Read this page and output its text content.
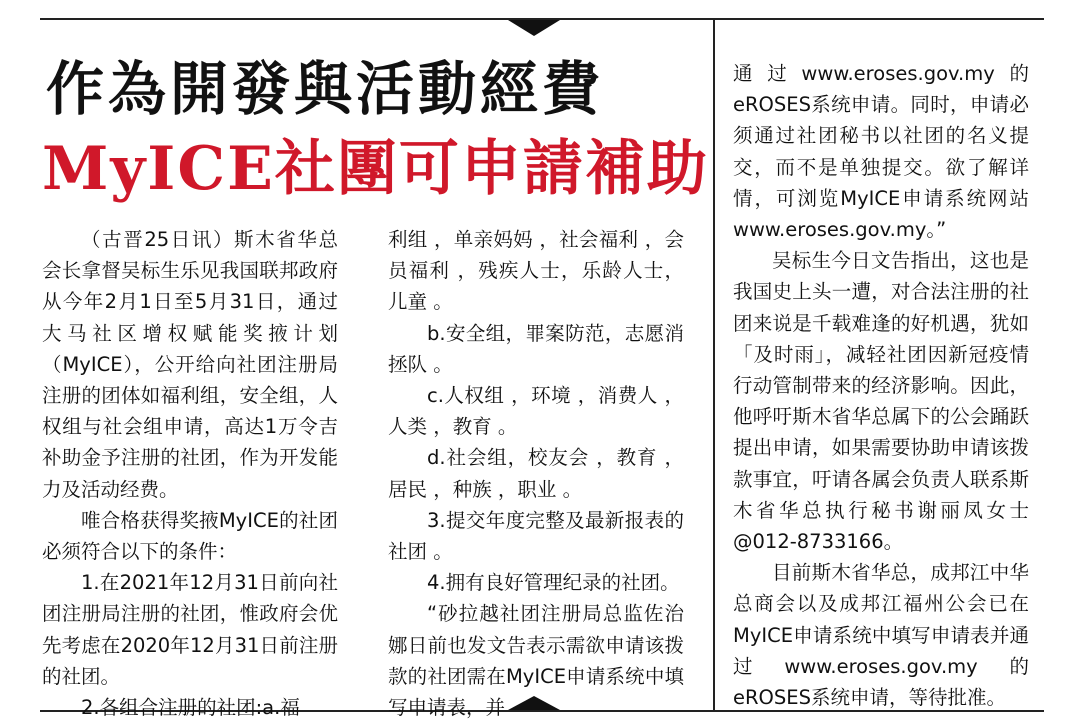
作為開發與活動經費
MyICE社團可申請補助

（古晋25日讯）斯木省华总会长拿督吴标生乐见我国联邦政府从今年2月1日至5月31日，通过大马社区增权赋能奖掖计划（MyICE），公开给向社团注册局注册的团体如福利组，安全组，人权组与社会组申请，高达1万令吉补助金予注册的社团，作为开发能力及活动经费。

唯合格获得奖掖MyICE的社团必须符合以下的条件：

1.在2021年12月31日前向社团注册局注册的社团，惟政府会优先考虑在2020年12月31日前注册的社团。

2.各组合注册的社团:a.福

利组 ，单亲妈妈 ，社会福利 ，会员福利 ，残疾人士，乐龄人士，儿童 。

b.安全组，罪案防范，志愿消拯队 。

c.人权组 ，环境 ，消费人 ，人类 ，教育 。

d.社会组，校友会 ，教育 ，居民 ，种族 ，职业 。

3.提交年度完整及最新报表的社团 。

4.拥有良好管理纪录的社团。

“砂拉越社团注册局总监佐治娜日前也发文告表示需欲申请该拨款的社团需在MyICE申请系统中填写申请表，并

通过www.eroses.gov.my的eROSES系统申请。同时，申请必须通过社团秘书以社团的名义提交，而不是单独提交。欲了解详情，可浏览MyICE申请系统网站 www.eroses.gov.my。”

吴标生今日文告指出，这也是我国史上头一遭，对合法注册的社团来说是千载难逢的好机遇，犹如「及时雨」，减轻社团因新冠疫情行动管制带来的经济影响。因此，他呼吁斯木省华总属下的公会踊跃提出申请，如果需要协助申请该拨款事宜，吁请各属会负责人联系斯木省华总执行秘书谢丽凤女士@012-8733166。

目前斯木省华总，成邦江中华总商会以及成邦江福州公会已在MyICE申请系统中填写申请表并通过www.eroses.gov.my的eROSES系统申请，等待批准。
